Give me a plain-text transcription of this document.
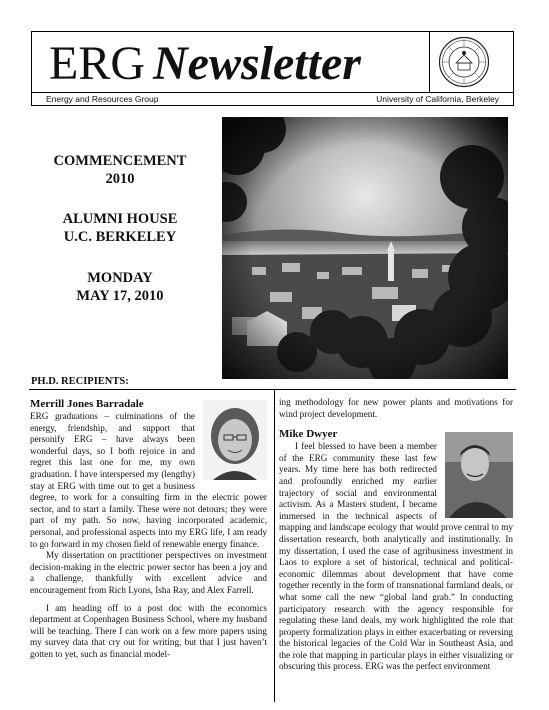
ERG Newsletter
Energy and Resources Group	University of California, Berkeley
COMMENCEMENT
2010
ALUMNI HOUSE
U.C. BERKELEY
MONDAY
MAY 17, 2010
PH.D. RECIPIENTS:

Merrill Jones Barradale

ERG graduations – culminations of the energy, friendship, and support that personify ERG – have always been wonderful days, so I both rejoice in and regret this last one for me, my own graduation. I have interspersed my (lengthy) stay at ERG with time out to get a business degree, to work for a consulting firm in the electric power sector, and to start a family. These were not detours; they were part of my path. So now, having incorporated academic, personal, and professional aspects into my ERG life, I am ready to go forward in my chosen field of renewable energy finance.

My dissertation on practitioner perspectives on investment decision-making in the electric power sector has been a joy and a challenge, thankfully with excellent advice and encouragement from Rich Lyons, Isha Ray, and Alex Farrell.

I am heading off to a post doc with the economics department at Copenhagen Business School, where my husband will be teaching. There I can work on a few more papers using my survey data that cry out for writing, but that I just haven’t gotten to yet, such as financial model-

ing methodology for new power plants and motivations for wind project development.

Mike Dwyer

I feel blessed to have been a member of the ERG community these last few years. My time here has both redirected and profoundly enriched my earlier trajectory of social and environmental activism. As a Masters student, I became immersed in the technical aspects of mapping and landscape ecology that would prove central to my dissertation research, both analytically and institutionally. In my dissertation, I used the case of agribusiness investment in Laos to explore a set of historical, technical and political-economic dilemmas about development that have come together recently in the form of transnational farmland deals, or what some call the new “global land grab.” In conducting participatory research with the agency responsible for regulating these land deals, my work highlighted the role that property formalization plays in either exacerbating or reversing the historical legacies of the Cold War in Southeast Asia, and the role that mapping in particular plays in either visualizing or obscuring this process. ERG was the perfect environment
